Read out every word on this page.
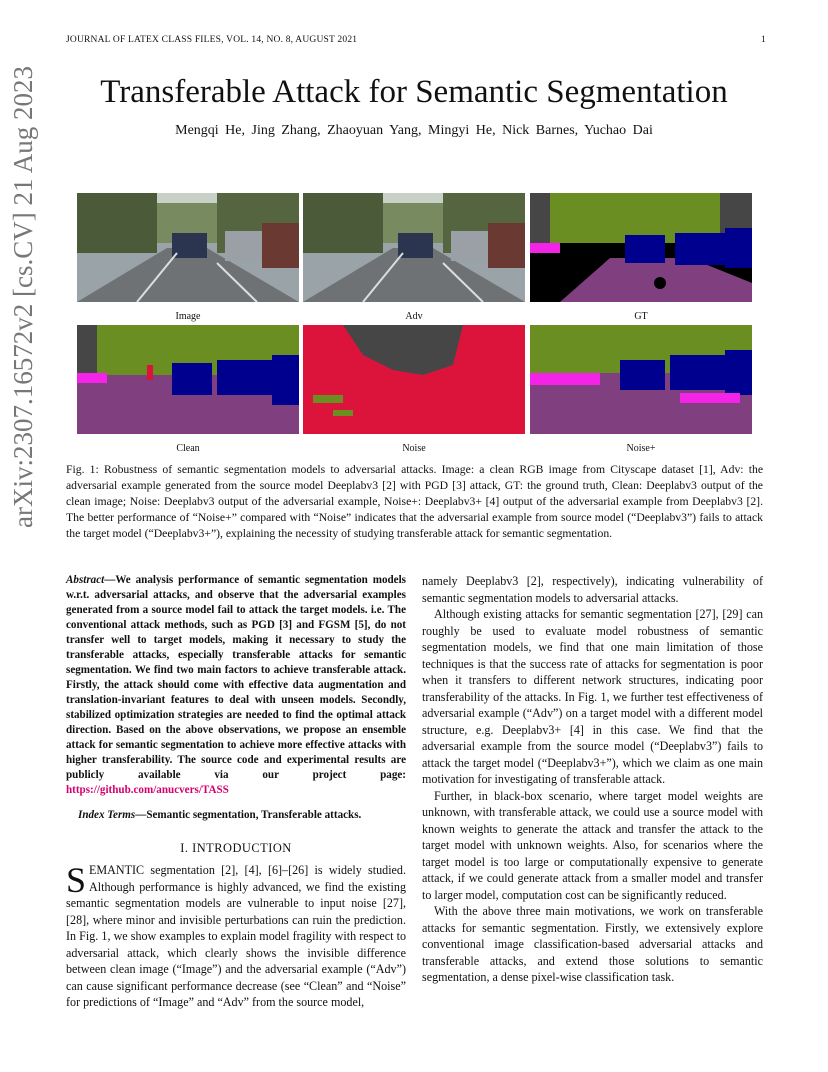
JOURNAL OF LATEX CLASS FILES, VOL. 14, NO. 8, AUGUST 2021	1
Transferable Attack for Semantic Segmentation
Mengqi He, Jing Zhang, Zhaoyuan Yang, Mingyi He, Nick Barnes, Yuchao Dai
arXiv:2307.16572v2 [cs.CV] 21 Aug 2023	Image	Adv	GT
Clean	Noise	Noise+
Fig. 1: Robustness of semantic segmentation models to adversarial attacks. Image: a clean RGB image from Cityscape dataset [1], Adv: the adversarial example generated from the source model Deeplabv3 [2] with PGD [3] attack, GT: the ground truth, Clean: Deeplabv3 output of the clean image; Noise: Deeplabv3 output of the adversarial example, Noise+: Deeplabv3+ [4] output of the adversarial example from Deeplabv3 [2]. The better performance of “Noise+” compared with “Noise” indicates that the adversarial example from source model (“Deeplabv3”) fails to attack the target model (“Deeplabv3+”), explaining the necessity of studying transferable attack for semantic segmentation.
Abstract—We analysis performance of semantic segmentation models w.r.t. adversarial attacks, and observe that the adversarial examples generated from a source model fail to attack the target models. i.e. The conventional attack methods, such as PGD [3] and FGSM [5], do not transfer well to target models, making it necessary to study the transferable attacks, especially transferable attacks for semantic segmentation. We find two main factors to achieve transferable attack. Firstly, the attack should come with effective data augmentation and translation-invariant features to deal with unseen models. Secondly, stabilized optimization strategies are needed to find the optimal attack direction. Based on the above observations, we propose an ensemble attack for semantic segmentation to achieve more effective attacks with higher transferability. The source code and experimental results are publicly available via our project page: https://github.com/anucvers/TASS
Index Terms—Semantic segmentation, Transferable attacks.
I. INTRODUCTION

SEMANTIC segmentation [2], [4], [6]–[26] is widely studied. Although performance is highly advanced, we find the existing semantic segmentation models are vulnerable to input noise [27], [28], where minor and invisible perturbations can ruin the prediction. In Fig. 1, we show examples to explain model fragility with respect to adversarial attack, which clearly shows the invisible difference between clean image (“Image”) and the adversarial example (“Adv”) can cause significant performance decrease (see “Clean” and “Noise” for predictions of “Image” and “Adv” from the source model,

namely Deeplabv3 [2], respectively), indicating vulnerability of semantic segmentation models to adversarial attacks.

Although existing attacks for semantic segmentation [27], [29] can roughly be used to evaluate model robustness of semantic segmentation models, we find that one main limitation of those techniques is that the success rate of attacks for segmentation is poor when it transfers to different network structures, indicating poor transferability of the attacks. In Fig. 1, we further test effectiveness of adversarial example (“Adv”) on a target model with a different model structure, e.g. Deeplabv3+ [4] in this case. We find that the adversarial example from the source model (“Deeplabv3”) fails to attack the target model (“Deeplabv3+”), which we claim as one main motivation for investigating of transferable attack.

Further, in black-box scenario, where target model weights are unknown, with transferable attack, we could use a source model with known weights to generate the attack and transfer the attack to the target model with unknown weights. Also, for scenarios where the target model is too large or computationally expensive to generate attack, if we could generate attack from a smaller model and transfer to larger model, computation cost can be significantly reduced.

With the above three main motivations, we work on transferable attacks for semantic segmentation. Firstly, we extensively explore conventional image classification-based adversarial attacks and transferable attacks, and extend those solutions to semantic segmentation, a dense pixel-wise classification task.
